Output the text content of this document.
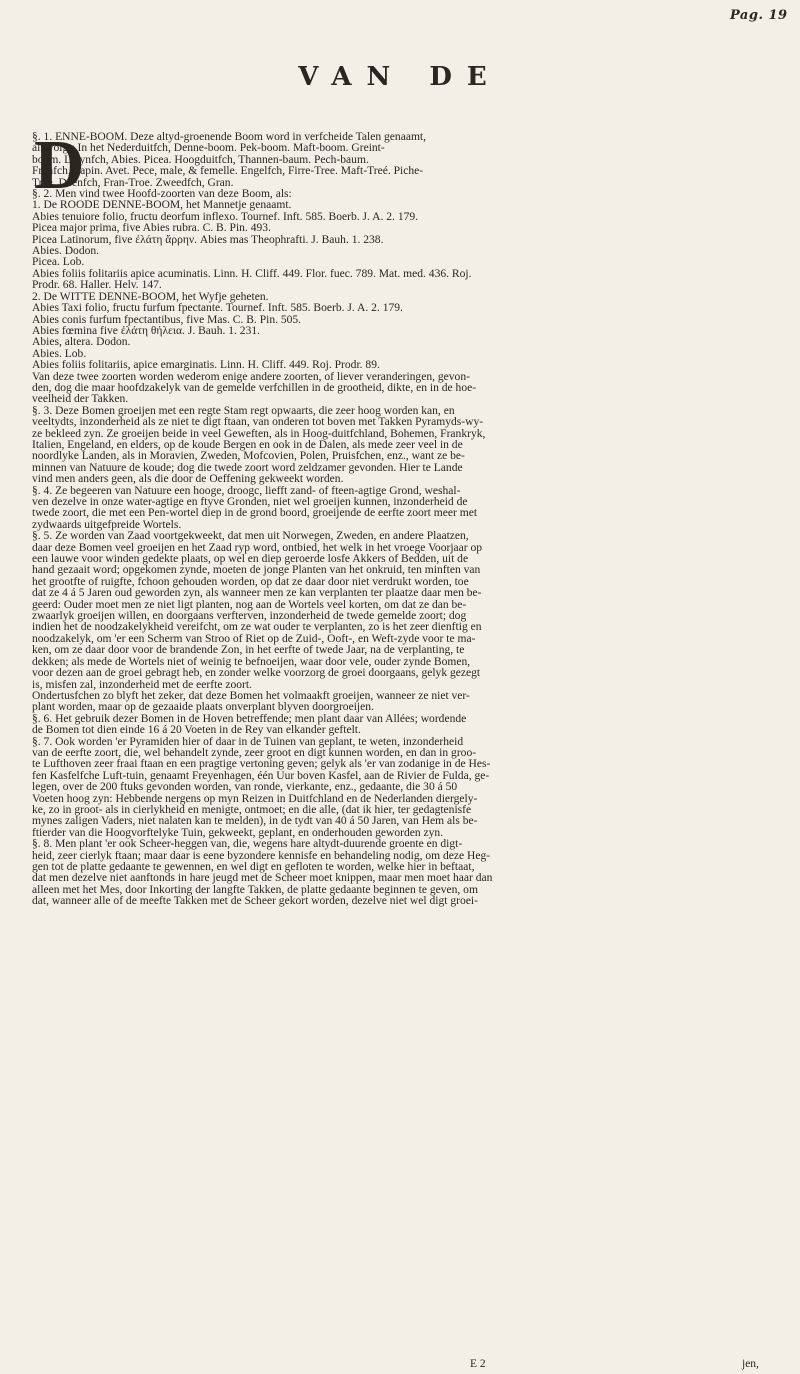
Pag. 19
VAN DE
D
§. 1. ENNE-BOOM. Deze altyd-groenende Boom word in verfcheide Talen genaamt,
als volgt: In het Nederduitfch, Denne-boom. Pek-boom. Maft-boom. Greint-
boom. Latynfch, Abies. Picea. Hoogduitfch, Thannen-baum. Pech-baum.
Franfch, Sapin. Avet. Pece, male, & femelle. Engelfch, Firre-Tree. Maft-Treé. Piche-
Tree. Deenfch, Fran-Troe. Zweedfch, Gran.
§. 2. Men vind twee Hoofd-zoorten van deze Boom, als:
1. De ROODE DENNE-BOOM, het Mannetje genaamt.
Abies tenuiore folio, fructu deorfum inflexo. Tournef. Inft. 585. Boerb. J. A. 2. 179.
Picea major prima, five Abies rubra. C. B. Pin. 493.
Picea Latinorum, five ἐλάτη ἄρρην. Abies mas Theophrafti. J. Bauh. 1. 238.
Abies. Dodon.
Picea. Lob.
Abies foliis folitariis apice acuminatis. Linn. H. Cliff. 449. Flor. fuec. 789. Mat. med. 436. Roj.
Prodr. 68. Haller. Helv. 147.
2. De WITTE DENNE-BOOM, het Wyfje geheten.
Abies Taxi folio, fructu furfum fpectante. Tournef. Inft. 585. Boerb. J. A. 2. 179.
Abies conis furfum fpectantibus, five Mas. C. B. Pin. 505.
Abies fœmina five ἐλάτη θήλεια. J. Bauh. 1. 231.
Abies, altera. Dodon.
Abies. Lob.
Abies foliis folitariis, apice emarginatis. Linn. H. Cliff. 449. Roj. Prodr. 89.
Van deze twee zoorten worden wederom enige andere zoorten, of liever veranderingen, gevon-
den, dog die maar hoofdzakelyk van de gemelde verfchillen in de grootheid, dikte, en in de hoe-
veelheid der Takken.
§. 3. Deze Bomen groeijen met een regte Stam regt opwaarts, die zeer hoog worden kan, en
veeltydts, inzonderheid als ze niet te digt ftaan, van onderen tot boven met Takken Pyramyds-wy-
ze bekleed zyn. Ze groeijen beide in veel Geweften, als in Hoog-duitfchland, Bohemen, Frankryk,
Italien, Engeland, en elders, op de koude Bergen en ook in de Dalen, als mede zeer veel in de
noordlyke Landen, als in Moravien, Zweden, Mofcovien, Polen, Pruisfchen, enz., want ze be-
minnen van Natuure de koude; dog die twede zoort word zeldzamer gevonden. Hier te Lande
vind men anders geen, als die door de Oeffening gekweekt worden.
§. 4. Ze begeeren van Natuure een hooge, droogc, liefft zand- of fteen-agtige Grond, weshal-
ven dezelve in onze water-agtige en ftyve Gronden, niet wel groeijen kunnen, inzonderheid de
twede zoort, die met een Pen-wortel diep in de grond boord, groeijende de eerfte zoort meer met
zydwaards uitgefpreide Wortels.
§. 5. Ze worden van Zaad voortgekweekt, dat men uit Norwegen, Zweden, en andere Plaatzen,
daar deze Bomen veel groeijen en het Zaad ryp word, ontbied, het welk in het vroege Voorjaar op
een lauwe voor winden gedekte plaats, op wel en diep geroerde losfe Akkers of Bedden, uit de
hand gezaait word; opgekomen zynde, moeten de jonge Planten van het onkruid, ten minften van
het grootfte of ruigfte, fchoon gehouden worden, op dat ze daar door niet verdrukt worden, toe
dat ze 4 á 5 Jaren oud geworden zyn, als wanneer men ze kan verplanten ter plaatze daar men be-
geerd: Ouder moet men ze niet ligt planten, nog aan de Wortels veel korten, om dat ze dan be-
zwaarlyk groeijen willen, en doorgaans verfterven, inzonderheid de twede gemelde zoort; dog
indien het de noodzakelykheid vereifcht, om ze wat ouder te verplanten, zo is het zeer dienftig en
noodzakelyk, om 'er een Scherm van Stroo of Riet op de Zuid-, Ooft-, en Weft-zyde voor te ma-
ken, om ze daar door voor de brandende Zon, in het eerfte of twede Jaar, na de verplanting, te
dekken; als mede de Wortels niet of weinig te befnoeijen, waar door vele, ouder zynde Bomen,
voor dezen aan de groei gebragt heb, en zonder welke voorzorg de groei doorgaans, gelyk gezegt
is, misfen zal, inzonderheid met de eerfte zoort.
Ondertusfchen zo blyft het zeker, dat deze Bomen het volmaakft groeijen, wanneer ze niet ver-
plant worden, maar op de gezaaide plaats onverplant blyven doorgroeijen.
§. 6. Het gebruik dezer Bomen in de Hoven betreffende; men plant daar van Allées; wordende
de Bomen tot dien einde 16 á 20 Voeten in de Rey van elkander geftelt.
§. 7. Ook worden 'er Pyramiden hier of daar in de Tuinen van geplant, te weten, inzonderheid
van de eerfte zoort, die, wel behandelt zynde, zeer groot en digt kunnen worden, en dan in groo-
te Lufthoven zeer fraai ftaan en een pragtige vertoning geven; gelyk als 'er van zodanige in de Hes-
fen Kasfelfche Luft-tuin, genaamt Freyenhagen, één Uur boven Kasfel, aan de Rivier de Fulda, ge-
legen, over de 200 ftuks gevonden worden, van ronde, vierkante, enz., gedaante, die 30 á 50
Voeten hoog zyn: Hebbende nergens op myn Reizen in Duitfchland en de Nederlanden diergely-
ke, zo in groot- als in cierlykheid en menigte, ontmoet; en die alle, (dat ik hier, ter gedagtenisfe
mynes zaligen Vaders, niet nalaten kan te melden), in de tydt van 40 á 50 Jaren, van Hem als be-
ftierder van die Hoogvorftelyke Tuin, gekweekt, geplant, en onderhouden geworden zyn.
§. 8. Men plant 'er ook Scheer-heggen van, die, wegens hare altydt-duurende groente en digt-
heid, zeer cierlyk ftaan; maar daar is eene byzondere kennisfe en behandeling nodig, om deze Heg-
gen tot de platte gedaante te gewennen, en wel digt en gefloten te worden, welke hier in beftaat,
dat men dezelve niet aanftonds in hare jeugd met de Scheer moet knippen, maar men moet haar dan
alleen met het Mes, door Inkorting der langfte Takken, de platte gedaante beginnen te geven, om
dat, wanneer alle of de meefte Takken met de Scheer gekort worden, dezelve niet wel digt groei-
E 2	jen,
